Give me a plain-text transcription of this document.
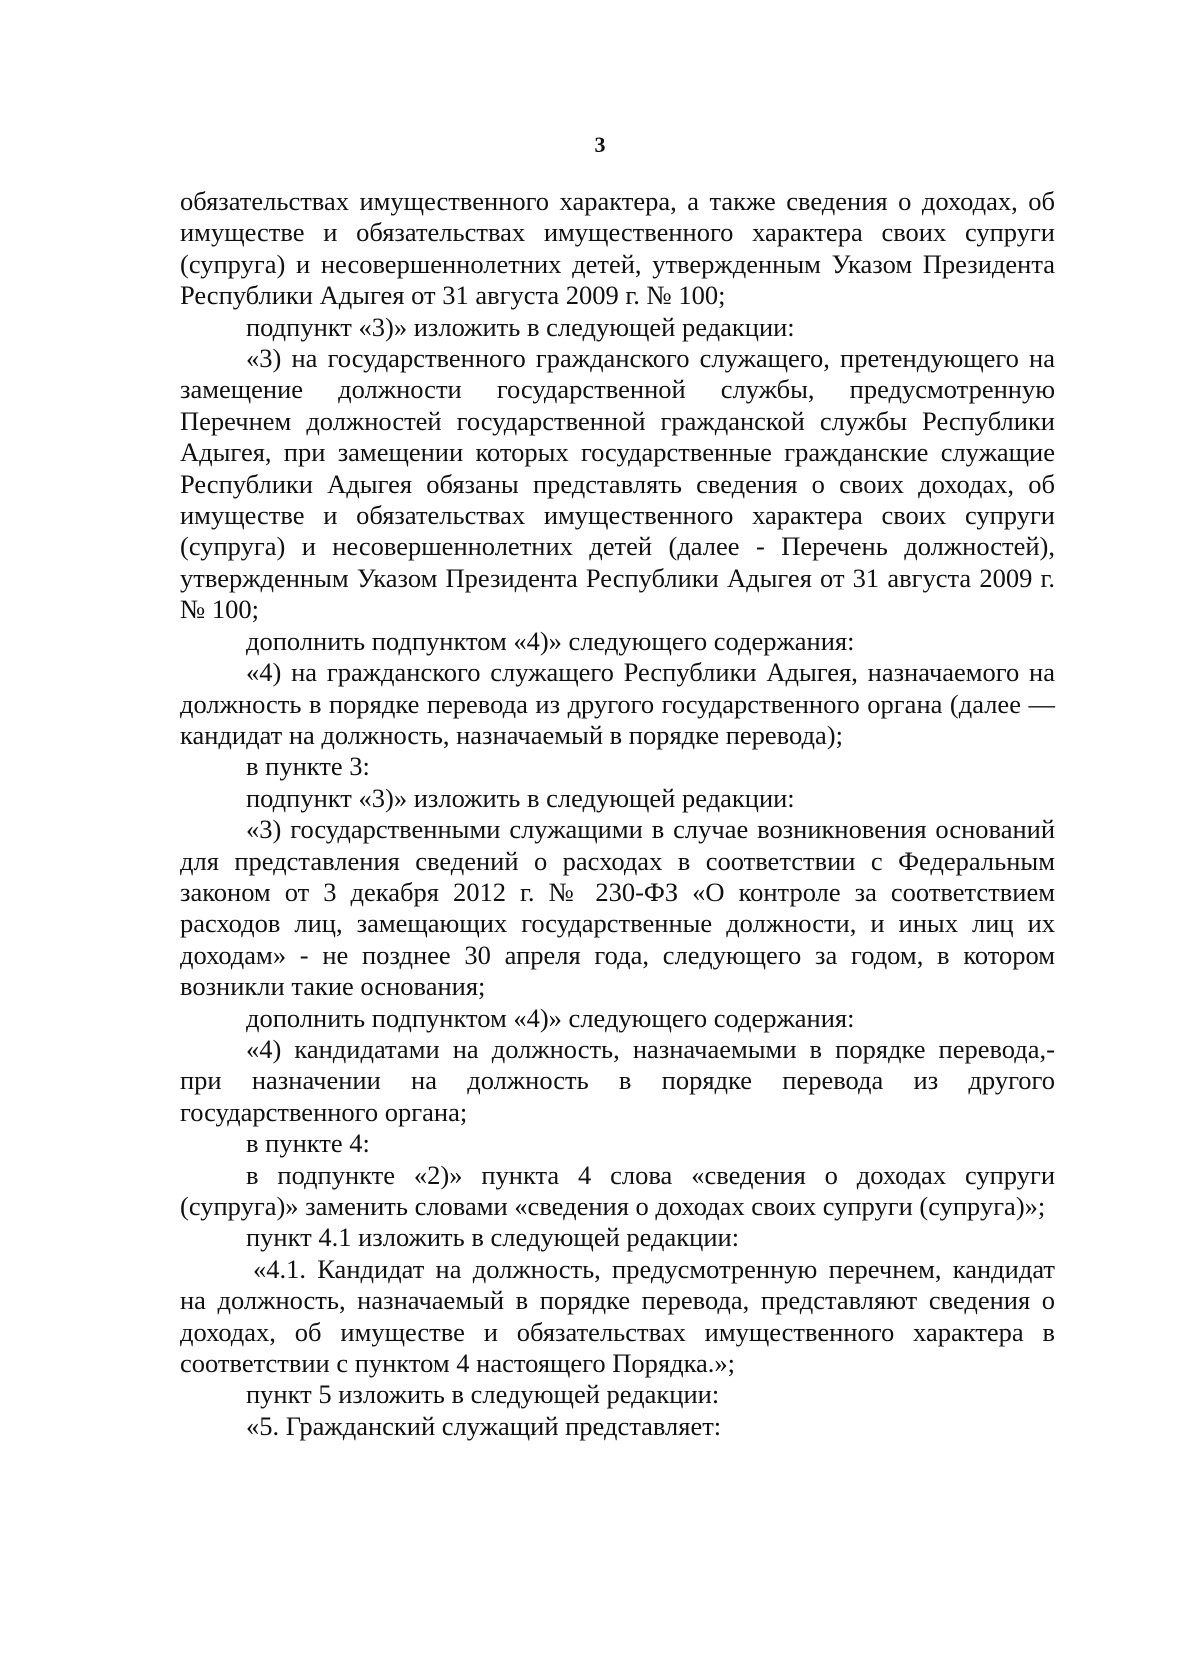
3

обязательствах имущественного характера, а также сведения о доходах, об имуществе и обязательствах имущественного характера своих супруги (супруга) и несовершеннолетних детей, утвержденным Указом Президента Республики Адыгея от 31 августа 2009 г. № 100;

подпункт «3)» изложить в следующей редакции:

«3) на государственного гражданского служащего, претендующего на замещение должности государственной службы, предусмотренную Перечнем должностей государственной гражданской службы Республики Адыгея, при замещении которых государственные гражданские служащие Республики Адыгея обязаны представлять сведения о своих доходах, об имуществе и обязательствах имущественного характера своих супруги (супруга) и несовершеннолетних детей (далее - Перечень должностей), утвержденным Указом Президента Республики Адыгея от 31 августа 2009 г. № 100;

дополнить подпунктом «4)» следующего содержания:

«4) на гражданского служащего Республики Адыгея, назначаемого на должность в порядке перевода из другого государственного органа (далее — кандидат на должность, назначаемый в порядке перевода);

в пункте 3:

подпункт «3)» изложить в следующей редакции:

«3) государственными служащими в случае возникновения оснований для представления сведений о расходах в соответствии с Федеральным законом от 3 декабря 2012 г. № 230-ФЗ «О контроле за соответствием расходов лиц, замещающих государственные должности, и иных лиц их доходам» - не позднее 30 апреля года, следующего за годом, в котором возникли такие основания;

дополнить подпунктом «4)» следующего содержания:

«4) кандидатами на должность, назначаемыми в порядке перевода,- при назначении на должность в порядке перевода из другого государственного органа;

в пункте 4:

в подпункте «2)» пункта 4 слова «сведения о доходах супруги (супруга)» заменить словами «сведения о доходах своих супруги (супруга)»;

пункт 4.1 изложить в следующей редакции:

«4.1. Кандидат на должность, предусмотренную перечнем, кандидат на должность, назначаемый в порядке перевода, представляют сведения о доходах, об имуществе и обязательствах имущественного характера в соответствии с пунктом 4 настоящего Порядка.»;

пункт 5 изложить в следующей редакции:

«5. Гражданский служащий представляет:
